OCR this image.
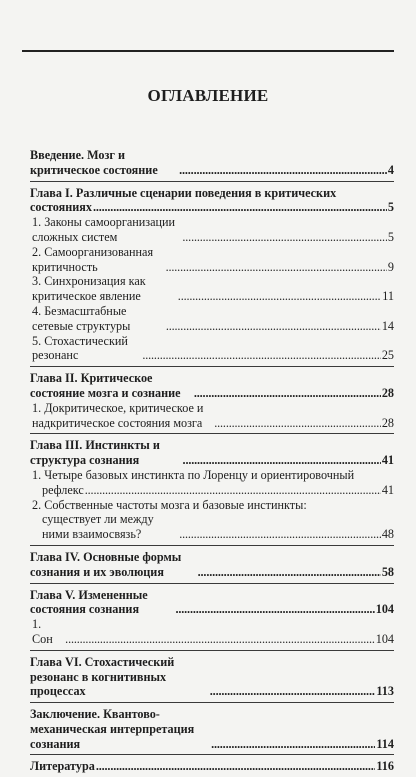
ОГЛАВЛЕНИЕ
Введение. Мозг и критическое состояние . . .	4
Глава I. Различные сценарии поведения в критических
состояниях . . .	5
1. Законы самоорганизации сложных систем . . .	5
2. Самоорганизованная критичность . . .	9
3. Синхронизация как критическое явление . . .	11
4. Безмасштабные сетевые структуры . . .	14
5. Стохастический резонанс . . .	25
Глава II. Критическое состояние мозга и сознание . . .	28
1. Докритическое, критическое и надкритическое состояния мозга . . .	28
Глава III. Инстинкты и структура сознания . . .	41
1. Четыре базовых инстинкта по Лоренцу и ориентировочный
рефлекс . . .	41
2. Собственные частоты мозга и базовые инстинкты:
существует ли между ними взаимосвязь? . . .	48
Глава IV. Основные формы сознания и их эволюция . . .	58
Глава V. Измененные состояния сознания . . .	104
1. Сон . . .	104
Глава VI. Стохастический резонанс в когнитивных процессах . . .	113
Заключение. Квантово-механическая интерпретация сознания . . .	114
Литература . . .	116
